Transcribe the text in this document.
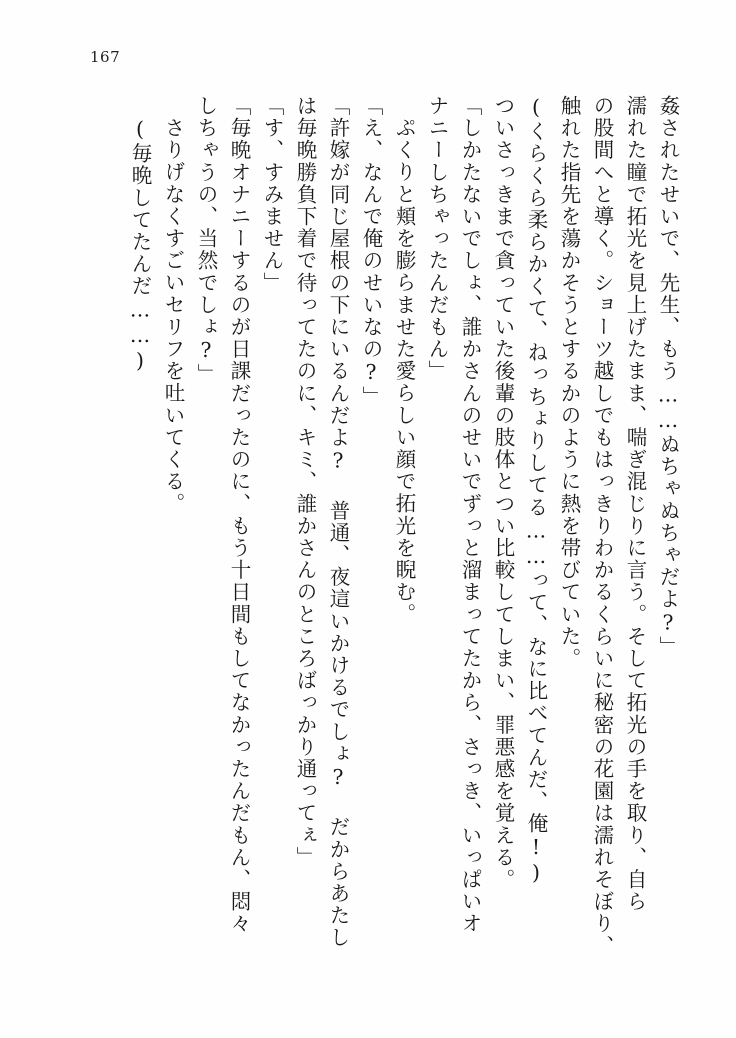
167
姦されたせいで、先生、もう……ぬちゃぬちゃだよ?」
濡れた瞳で拓光を見上げたまま、喘ぎ混じりに言う。そして拓光の手を取り、自ら
の股間へと導く。ショーツ越しでもはっきりわかるくらいに秘密の花園は濡れそぼり、
触れた指先を蕩かそうとするかのように熱を帯びていた。
(くらくら柔らかくて、ねっちょりしてる……って、なに比べてんだ、俺!)
ついさっきまで貪っていた後輩の肢体とつい比較してしまい、罪悪感を覚える。
「しかたないでしょ、誰かさんのせいでずっと溜まってたから、さっき、いっぱいオ
ナニーしちゃったんだもん」
ぷくりと頬を膨らませた愛らしい顔で拓光を睨む。
「え、なんで俺のせいなの?」
「許嫁が同じ屋根の下にいるんだよ? 普通、夜這いかけるでしょ? だからあたし
は毎晩勝負下着で待ってたのに、キミ、誰かさんのところばっかり通ってぇ」
「す、すみません」
「毎晩オナニーするのが日課だったのに、もう十日間もしてなかったんだもん、悶々
しちゃうの、当然でしょ?」
さりげなくすごいセリフを吐いてくる。
(毎晩してたんだ……)
